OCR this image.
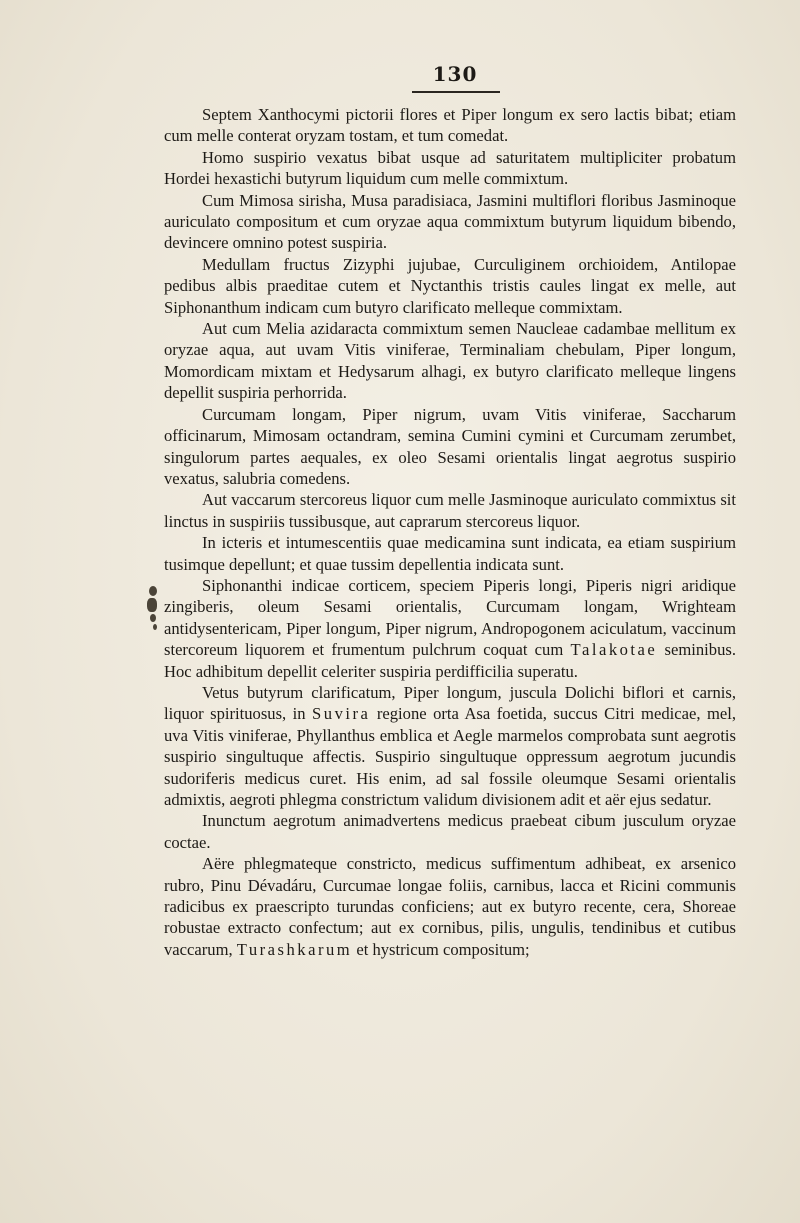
130

Septem Xanthocymi pictorii flores et Piper longum ex sero lactis bibat; etiam cum melle conterat oryzam tostam, et tum comedat.

Homo suspirio vexatus bibat usque ad saturitatem multipliciter probatum Hordei hexastichi butyrum liquidum cum melle commixtum.

Cum Mimosa sirisha, Musa paradisiaca, Jasmini multiflori floribus Jasminoque auriculato compositum et cum oryzae aqua commixtum butyrum liquidum bibendo, devincere omnino potest suspiria.

Medullam fructus Zizyphi jujubae, Curculiginem orchioidem, Antilopae pedibus albis praeditae cutem et Nyctanthis tristis caules lingat ex melle, aut Siphonanthum indicam cum butyro clarificato melleque commixtam.

Aut cum Melia azidaracta commixtum semen Naucleae cadambae mellitum ex oryzae aqua, aut uvam Vitis viniferae, Terminaliam chebulam, Piper longum, Momordicam mixtam et Hedysarum alhagi, ex butyro clarificato melleque lingens depellit suspiria perhorrida.

Curcumam longam, Piper nigrum, uvam Vitis viniferae, Saccharum officinarum, Mimosam octandram, semina Cumini cymini et Curcumam zerumbet, singulorum partes aequales, ex oleo Sesami orientalis lingat aegrotus suspirio vexatus, salubria comedens.

Aut vaccarum stercoreus liquor cum melle Jasminoque auriculato commixtus sit linctus in suspiriis tussibusque, aut caprarum stercoreus liquor.

In icteris et intumescentiis quae medicamina sunt indicata, ea etiam suspirium tusimque depellunt; et quae tussim depellentia indicata sunt.

Siphonanthi indicae corticem, speciem Piperis longi, Piperis nigri aridique zingiberis, oleum Sesami orientalis, Curcumam longam, Wrighteam antidysentericam, Piper longum, Piper nigrum, Andropogonem aciculatum, vaccinum stercoreum liquorem et frumentum pulchrum coquat cum Talakotae seminibus. Hoc adhibitum depellit celeriter suspiria perdifficilia superatu.

Vetus butyrum clarificatum, Piper longum, juscula Dolichi biflori et carnis, liquor spirituosus, in Suvira regione orta Asa foetida, succus Citri medicae, mel, uva Vitis viniferae, Phyllanthus emblica et Aegle marmelos comprobata sunt aegrotis suspirio singultuque affectis. Suspirio singultuque oppressum aegrotum jucundis sudoriferis medicus curet. His enim, ad sal fossile oleumque Sesami orientalis admixtis, aegroti phlegma constrictum validum divisionem adit et aër ejus sedatur.

Inunctum aegrotum animadvertens medicus praebeat cibum jusculum oryzae coctae.

Aëre phlegmateque constricto, medicus suffimentum adhibeat, ex arsenico rubro, Pinu Dévadáru, Curcumae longae foliis, carnibus, lacca et Ricini communis radicibus ex praescripto turundas conficiens; aut ex butyro recente, cera, Shoreae robustae extracto confectum; aut ex cornibus, pilis, ungulis, tendinibus et cutibus vaccarum, Turashkarum et hystricum compositum;
